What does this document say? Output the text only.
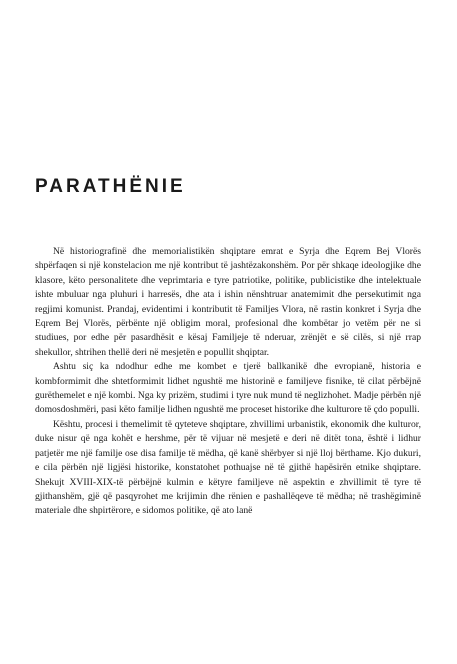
PARATHËNIE

Në historiografinë dhe memorialistikën shqiptare emrat e Syrja dhe Eqrem Bej Vlorës shpërfaqen si një konstelacion me një kontribut të jashtëzakonshëm. Por për shkaqe ideologjike dhe klasore, këto personalitete dhe veprimtaria e tyre patriotike, politike, publicistike dhe intelektuale ishte mbuluar nga pluhuri i harresës, dhe ata i ishin nënshtruar anatemimit dhe persekutimit nga regjimi komunist. Prandaj, evidentimi i kontributit të Familjes Vlora, në rastin konkret i Syrja dhe Eqrem Bej Vlorës, përbënte një obligim moral, profesional dhe kombëtar jo vetëm për ne si studiues, por edhe për pasardhësit e kësaj Familjeje të nderuar, zrënjët e së cilës, si një rrap shekullor, shtrihen thellë deri në mesjetën e popullit shqiptar.

Ashtu siç ka ndodhur edhe me kombet e tjerë ballkanikë dhe evropianë, historia e kombformimit dhe shtetformimit lidhet ngushtë me historinë e familjeve fisnike, të cilat përbëjnë gurëthemelet e një kombi. Nga ky prizëm, studimi i tyre nuk mund të neglizhohet. Madje përbën një domosdoshmëri, pasi këto familje lidhen ngushtë me proceset historike dhe kulturore të çdo populli.

Kështu, procesi i themelimit të qyteteve shqiptare, zhvillimi urbanistik, ekonomik dhe kulturor, duke nisur që nga kohët e hershme, për të vijuar në mesjetë e deri në ditët tona, është i lidhur patjetër me një familje ose disa familje të mëdha, që kanë shërbyer si një lloj bërthame. Kjo dukuri, e cila përbën një ligjësi historike, konstatohet pothuajse në të gjithë hapësirën etnike shqiptare. Shekujt XVIII-XIX-të përbëjnë kulmin e këtyre familjeve në aspektin e zhvillimit të tyre të gjithanshëm, gjë që pasqyrohet me krijimin dhe rënien e pashallëqeve të mëdha; në trashëgiminë materiale dhe shpirtërore, e sidomos politike, që ato lanë
